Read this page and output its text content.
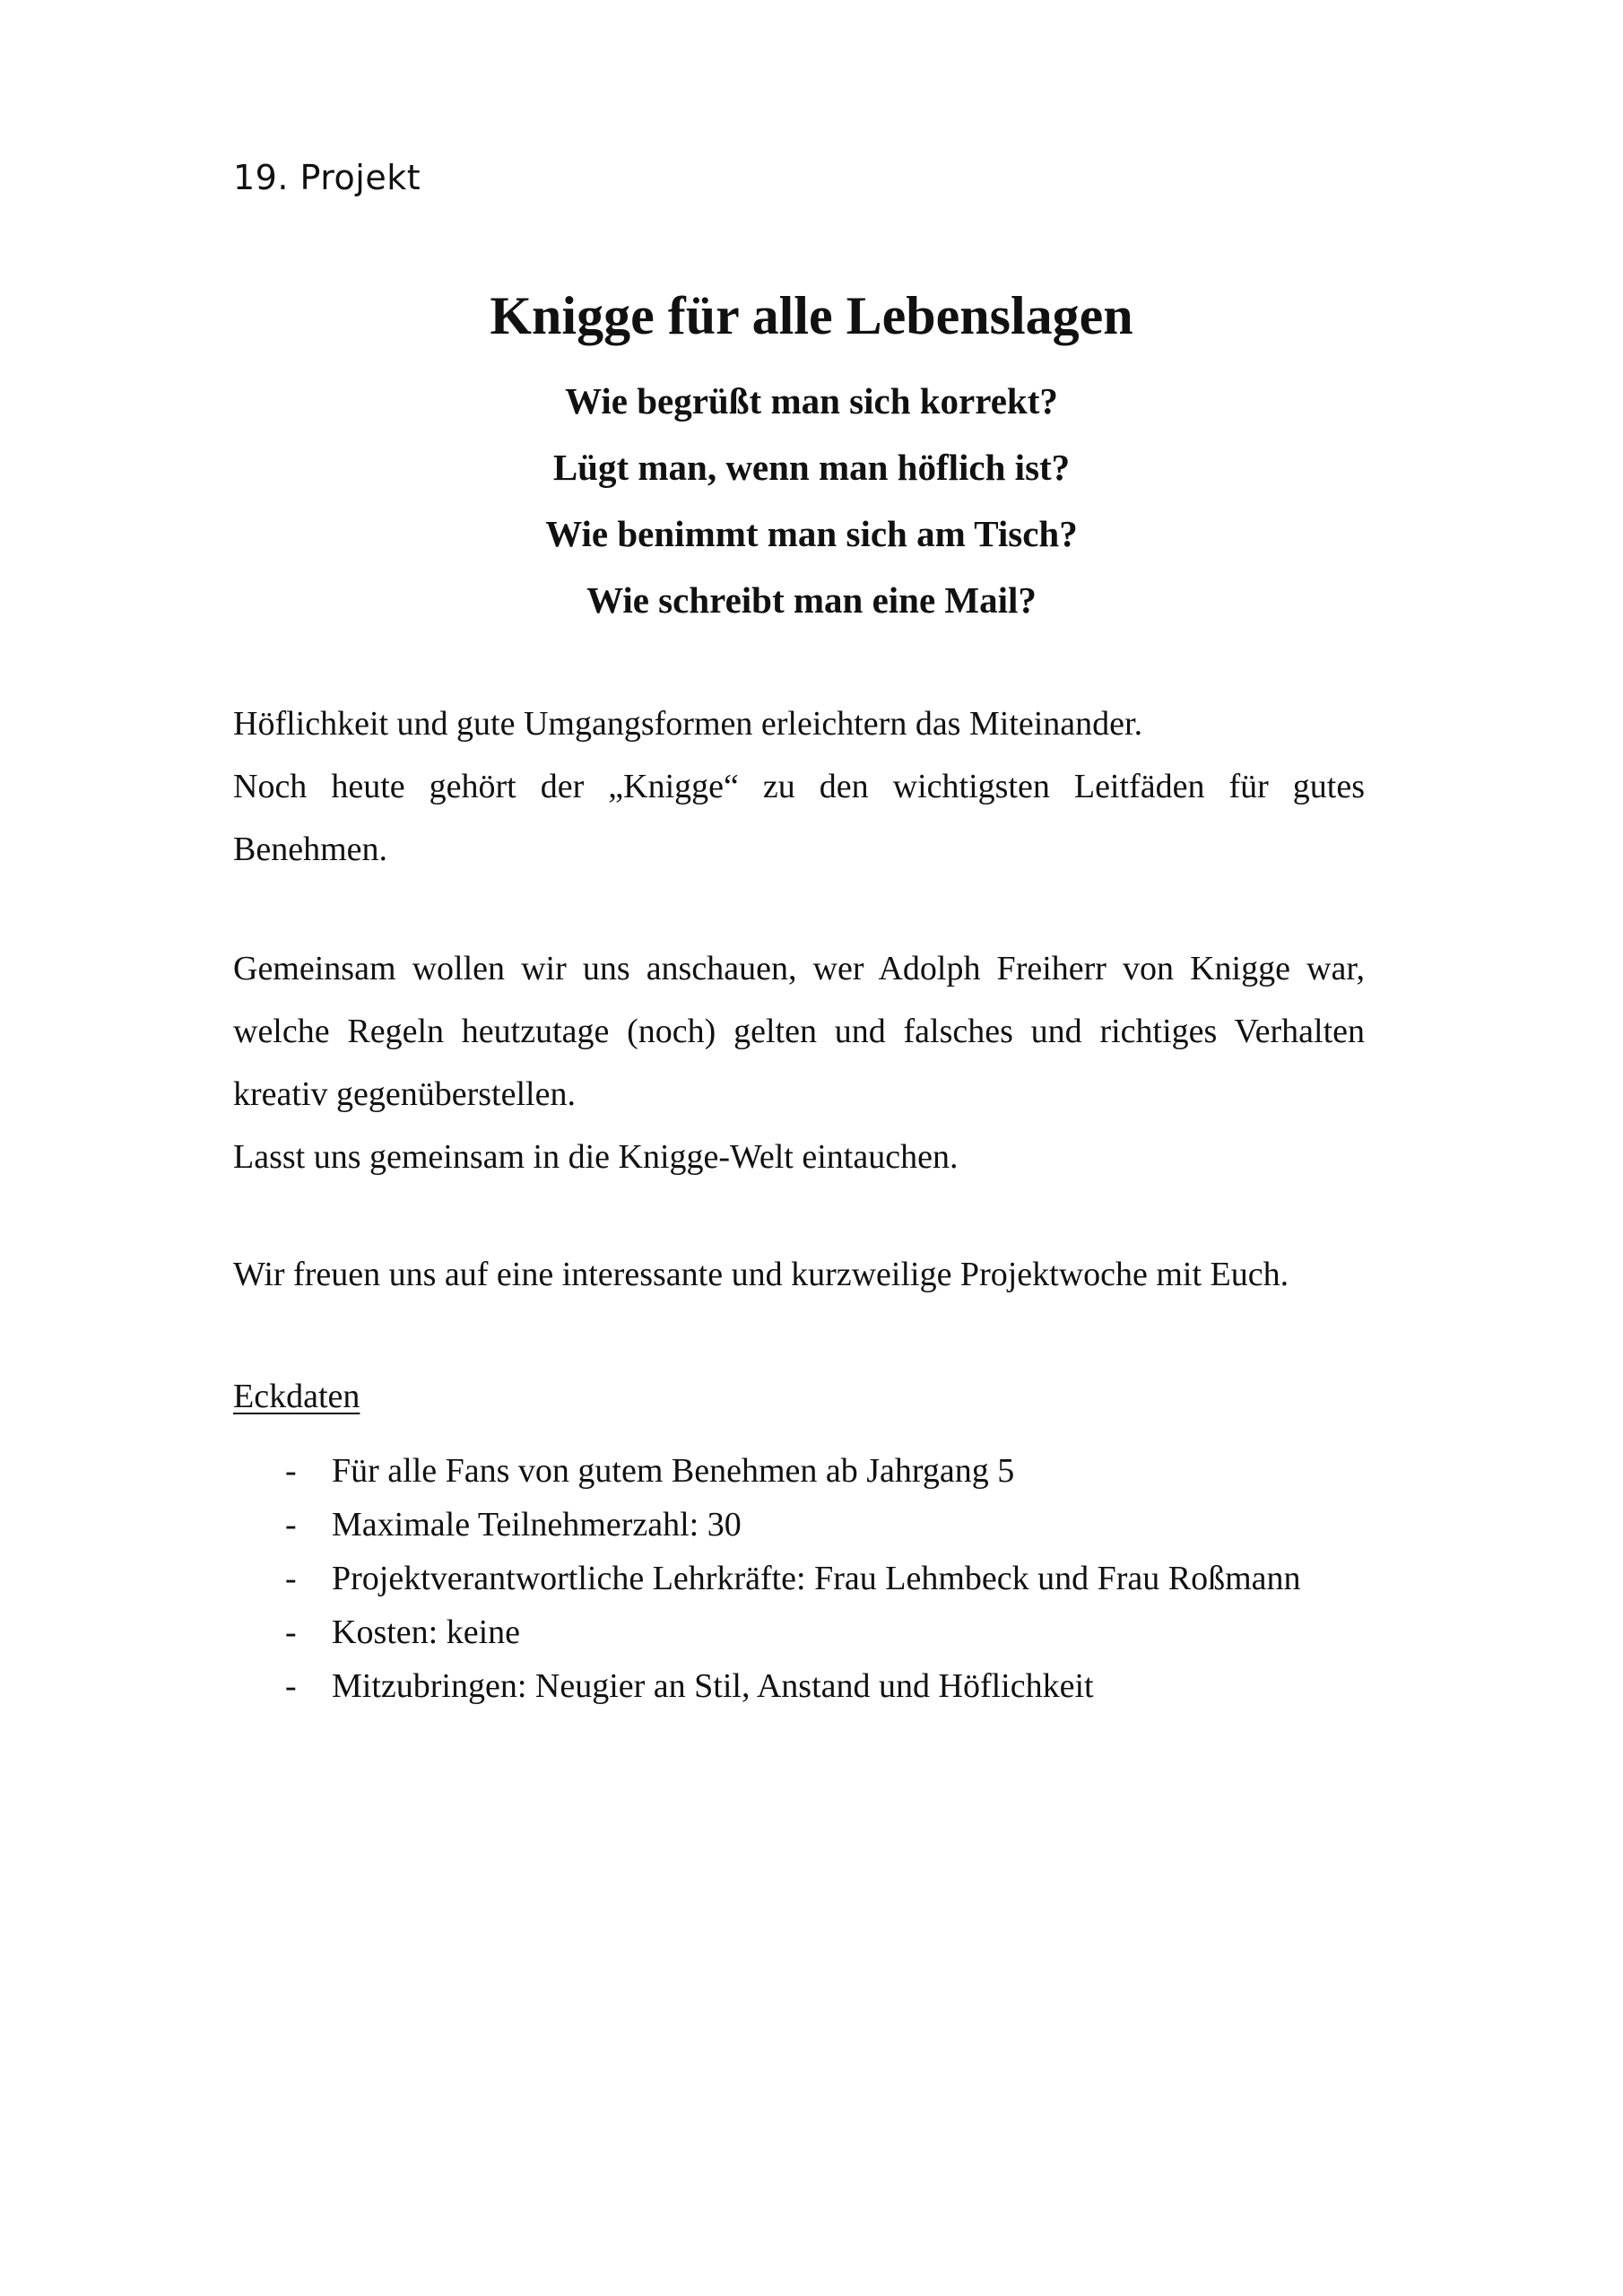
19. Projekt
Knigge für alle Lebenslagen
Wie begrüßt man sich korrekt?
Lügt man, wenn man höflich ist?
Wie benimmt man sich am Tisch?
Wie schreibt man eine Mail?

Höflichkeit und gute Umgangsformen erleichtern das Miteinander.

Noch heute gehört der „Knigge“ zu den wichtigsten Leitfäden für gutes Benehmen.

Gemeinsam wollen wir uns anschauen, wer Adolph Freiherr von Knigge war, welche Regeln heutzutage (noch) gelten und falsches und richtiges Verhalten kreativ gegenüberstellen.

Lasst uns gemeinsam in die Knigge-Welt eintauchen.

Wir freuen uns auf eine interessante und kurzweilige Projektwoche mit Euch.

Eckdaten
- Für alle Fans von gutem Benehmen ab Jahrgang 5
- Maximale Teilnehmerzahl: 30
- Projektverantwortliche Lehrkräfte: Frau Lehmbeck und Frau Roßmann
- Kosten: keine
- Mitzubringen: Neugier an Stil, Anstand und Höflichkeit
